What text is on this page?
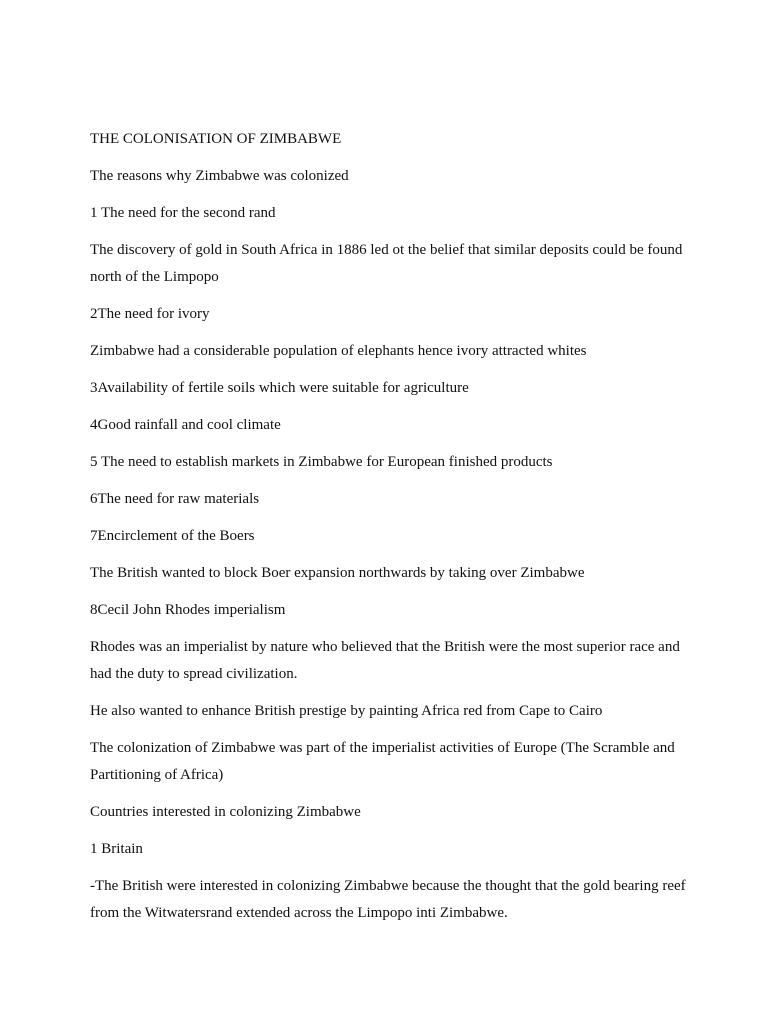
THE COLONISATION OF ZIMBABWE

The reasons why Zimbabwe was colonized

1 The need for the second rand

The discovery of gold in South Africa in 1886 led ot the belief that similar deposits could be found north of the Limpopo

2The need for ivory

Zimbabwe had a considerable population of elephants hence ivory attracted whites

3Availability of fertile soils which were suitable for agriculture

4Good rainfall and cool climate

5 The need to establish markets in Zimbabwe for European finished products

6The need for raw materials

7Encirclement of the Boers

The British wanted to block Boer expansion northwards by taking over Zimbabwe

8Cecil John Rhodes imperialism

Rhodes was an imperialist by nature who believed that the British were the most superior race and had the duty to spread civilization.

He also wanted to enhance British prestige by painting Africa red from Cape to Cairo

The colonization of Zimbabwe was part of the imperialist activities of Europe (The Scramble and Partitioning of Africa)

Countries interested in colonizing Zimbabwe

1 Britain

-The British were interested in colonizing Zimbabwe because the thought that the gold bearing reef from the Witwatersrand extended across the Limpopo inti Zimbabwe.
